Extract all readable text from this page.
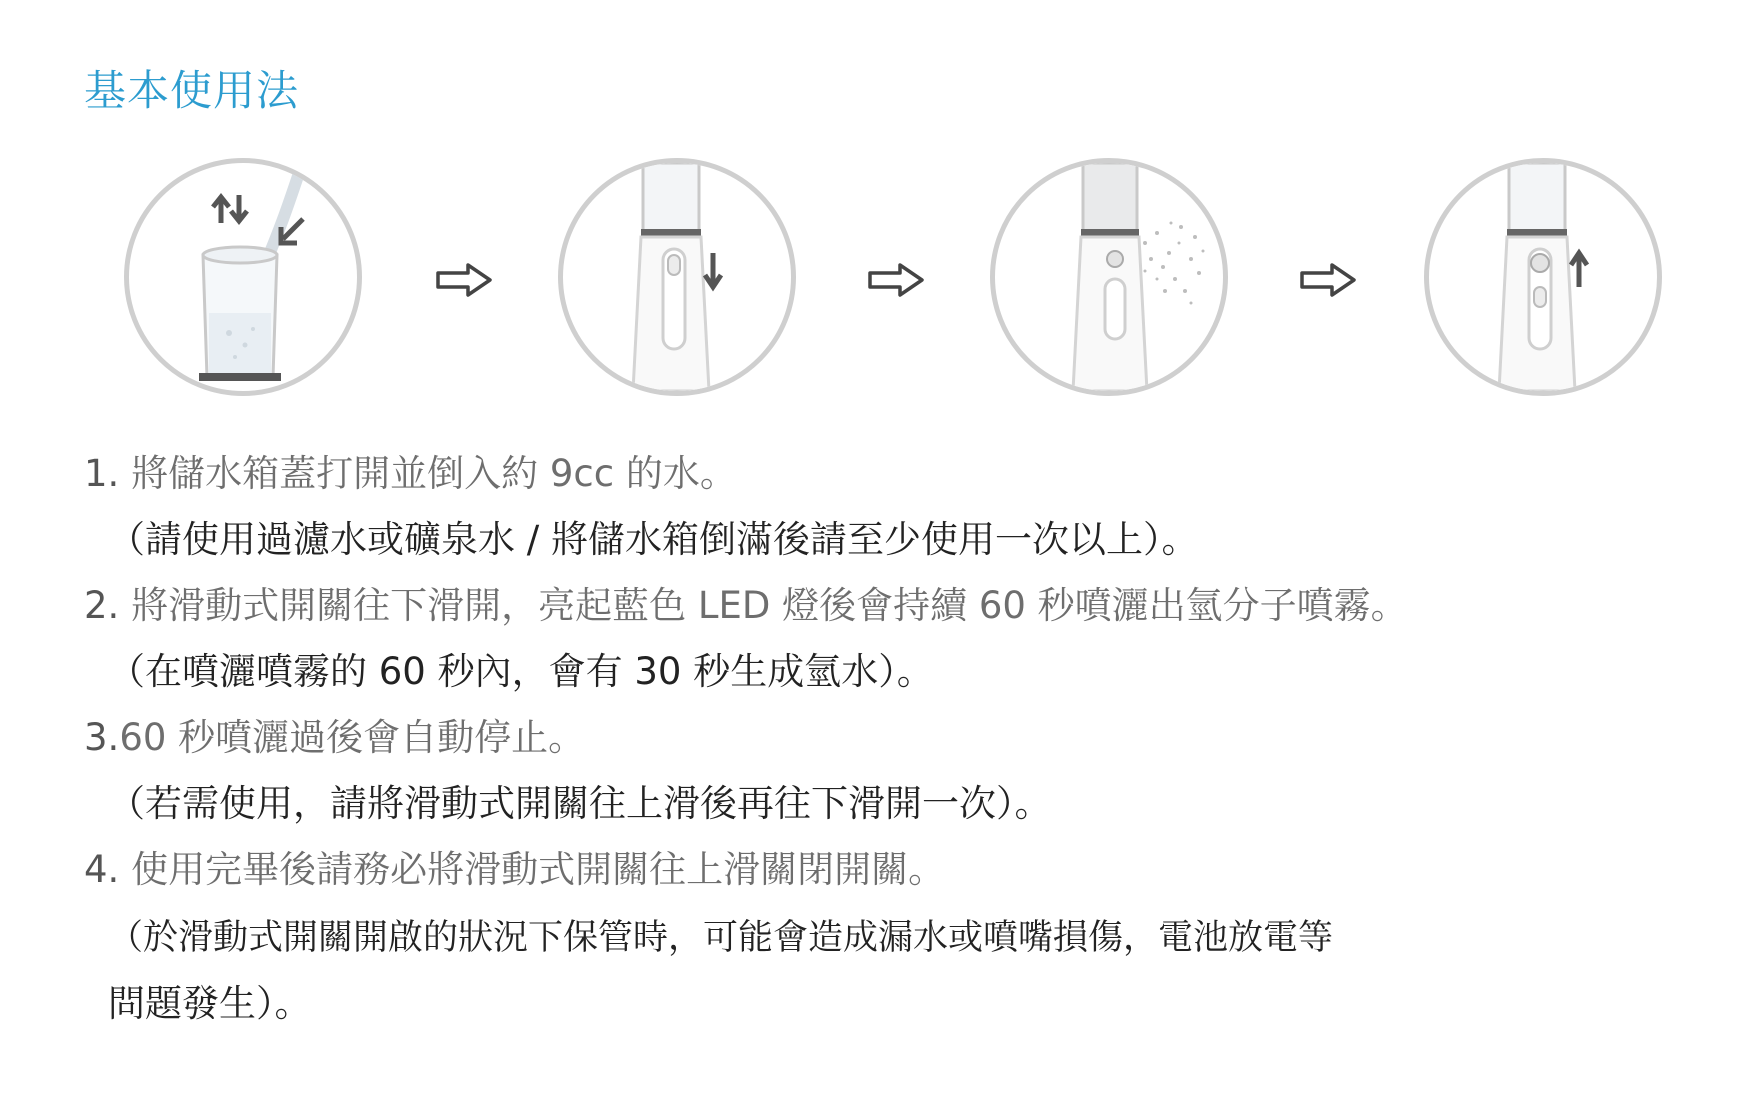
基本使用法

1. 將儲水箱蓋打開並倒入約 9cc 的水。

（請使用過濾水或礦泉水 / 將儲水箱倒滿後請至少使用一次以上）。

2. 將滑動式開關往下滑開，亮起藍色 LED 燈後會持續 60 秒噴灑出氫分子噴霧。

（在噴灑噴霧的 60 秒內，會有 30 秒生成氫水）。

3.60 秒噴灑過後會自動停止。

（若需使用，請將滑動式開關往上滑後再往下滑開一次）。

4. 使用完畢後請務必將滑動式開關往上滑關閉開關。

（於滑動式開關開啟的狀況下保管時，可能會造成漏水或噴嘴損傷，電池放電等

問題發生）。
